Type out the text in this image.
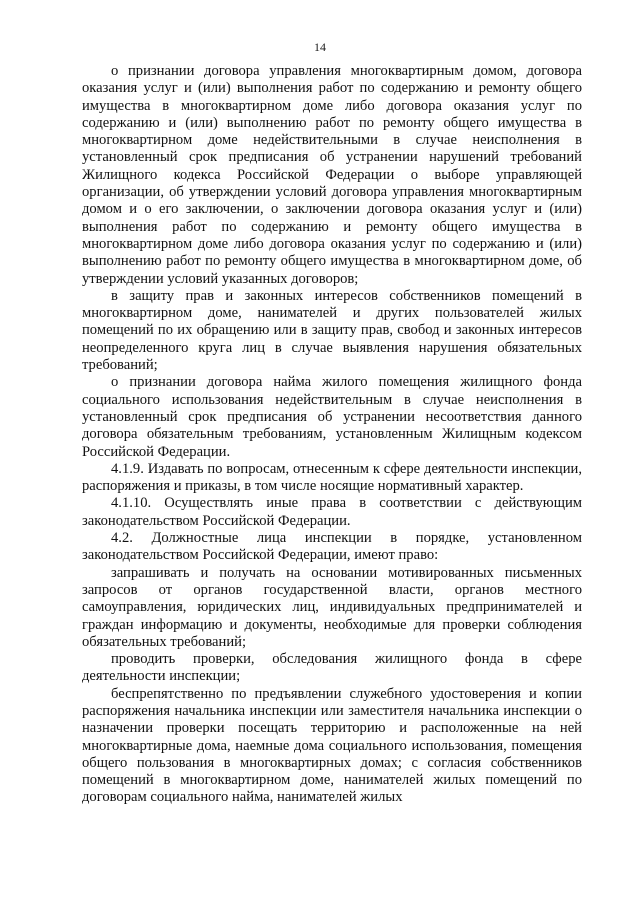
14

о признании договора управления многоквартирным домом, договора оказания услуг и (или) выполнения работ по содержанию и ремонту общего имущества в многоквартирном доме либо договора оказания услуг по содержанию и (или) выполнению работ по ремонту общего имущества в многоквартирном доме недействительными в случае неисполнения в установленный срок предписания об устранении нарушений требований Жилищного кодекса Российской Федерации о выборе управляющей организации, об утверждении условий договора управления многоквартирным домом и о его заключении, о заключении договора оказания услуг и (или) выполнения работ по содержанию и ремонту общего имущества в многоквартирном доме либо договора оказания услуг по содержанию и (или) выполнению работ по ремонту общего имущества в многоквартирном доме, об утверждении условий указанных договоров;

в защиту прав и законных интересов собственников помещений в многоквартирном доме, нанимателей и других пользователей жилых помещений по их обращению или в защиту прав, свобод и законных интересов неопределенного круга лиц в случае выявления нарушения обязательных требований;

о признании договора найма жилого помещения жилищного фонда социального использования недействительным в случае неисполнения в установленный срок предписания об устранении несоответствия данного договора обязательным требованиям, установленным Жилищным кодексом Российской Федерации.

4.1.9. Издавать по вопросам, отнесенным к сфере деятельности инспекции, распоряжения и приказы, в том числе носящие нормативный характер.

4.1.10. Осуществлять иные права в соответствии с действующим законодательством Российской Федерации.

4.2. Должностные лица инспекции в порядке, установленном законодательством Российской Федерации, имеют право:

запрашивать и получать на основании мотивированных письменных запросов от органов государственной власти, органов местного самоуправления, юридических лиц, индивидуальных предпринимателей и граждан информацию и документы, необходимые для проверки соблюдения обязательных требований;

проводить проверки, обследования жилищного фонда в сфере деятельности инспекции;

беспрепятственно по предъявлении служебного удостоверения и копии распоряжения начальника инспекции или заместителя начальника инспекции о назначении проверки посещать территорию и расположенные на ней многоквартирные дома, наемные дома социального использования, помещения общего пользования в многоквартирных домах; с согласия собственников помещений в многоквартирном доме, нанимателей жилых помещений по договорам социального найма, нанимателей жилых
